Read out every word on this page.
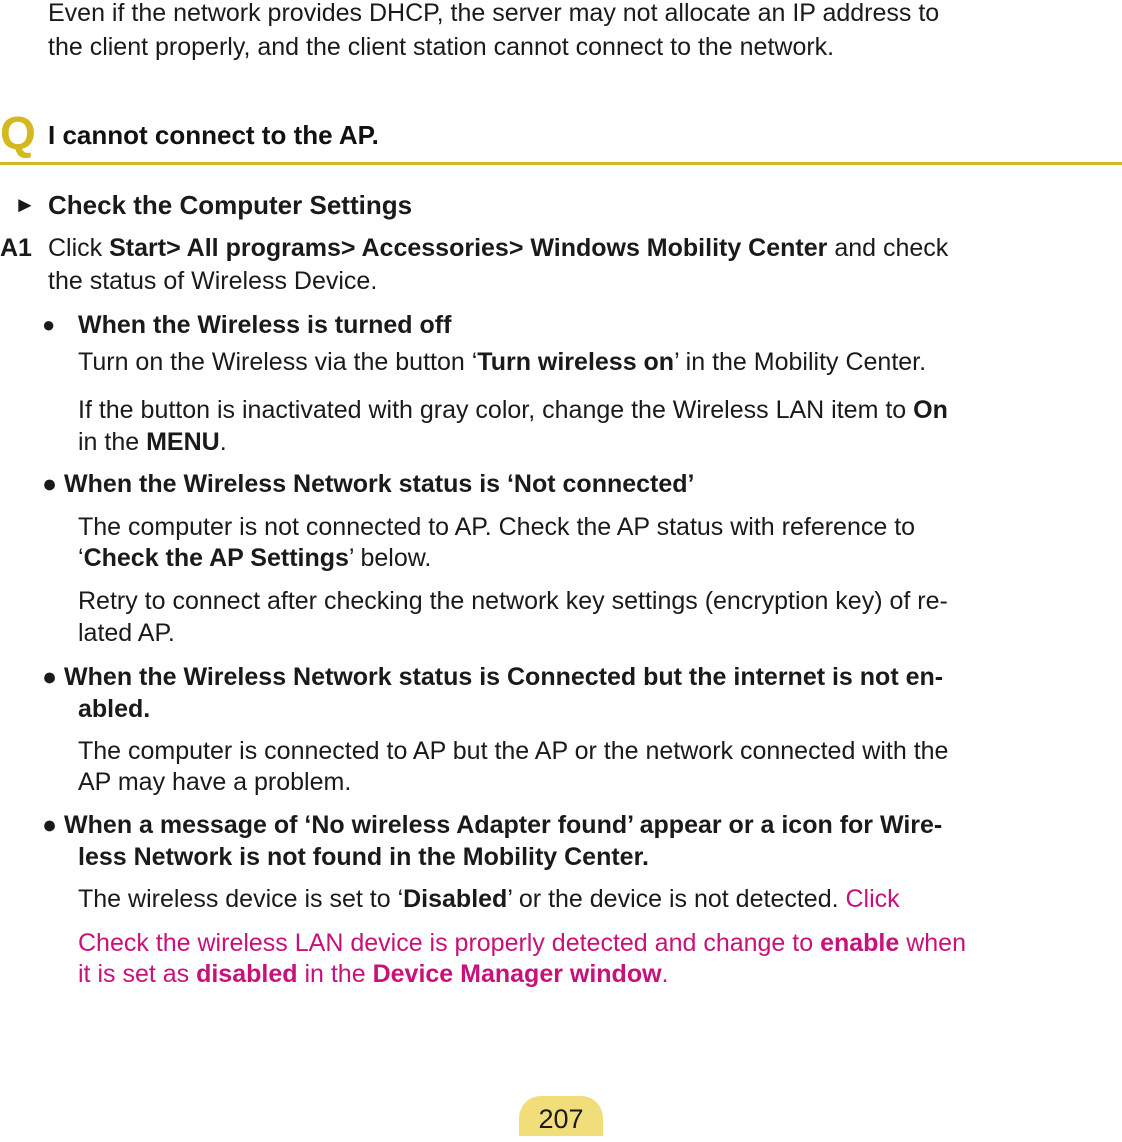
Even if the network provides DHCP, the server may not allocate an IP address to
the client properly, and the client station cannot connect to the network.
Q I cannot connect to the AP.
► Check the Computer Settings
A1 Click Start> All programs> Accessories> Windows Mobility Center and check
the status of Wireless Device.
● When the Wireless is turned off
Turn on the Wireless via the button ‘Turn wireless on’ in the Mobility Center.
If the button is inactivated with gray color, change the Wireless LAN item to On
in the MENU.
● When the Wireless Network status is ‘Not connected’
The computer is not connected to AP. Check the AP status with reference to
‘Check the AP Settings’ below.
Retry to connect after checking the network key settings (encryption key) of re-
lated AP.
● When the Wireless Network status is Connected but the internet is not en-
abled.
The computer is connected to AP but the AP or the network connected with the
AP may have a problem.
● When a message of ‘No wireless Adapter found’ appear or a icon for Wire-
less Network is not found in the Mobility Center.
The wireless device is set to ‘Disabled’ or the device is not detected. Click
Check the wireless LAN device is properly detected and change to enable when
it is set as disabled in the Device Manager window.
207
